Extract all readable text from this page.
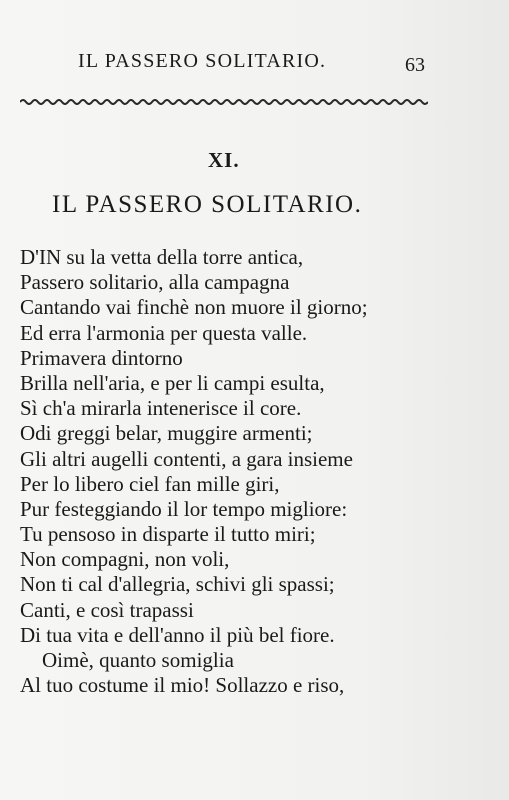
IL PASSERO SOLITARIO.	63
XI.
IL PASSERO SOLITARIO.
D'IN su la vetta della torre antica,
Passero solitario, alla campagna
Cantando vai finchè non muore il giorno;
Ed erra l'armonia per questa valle.
Primavera dintorno
Brilla nell'aria, e per li campi esulta,
Sì ch'a mirarla intenerisce il core.
Odi greggi belar, muggire armenti;
Gli altri augelli contenti, a gara insieme
Per lo libero ciel fan mille giri,
Pur festeggiando il lor tempo migliore:
Tu pensoso in disparte il tutto miri;
Non compagni, non voli,
Non ti cal d'allegria, schivi gli spassi;
Canti, e così trapassi
Di tua vita e dell'anno il più bel fiore.
Oimè, quanto somiglia
Al tuo costume il mio! Sollazzo e riso,
